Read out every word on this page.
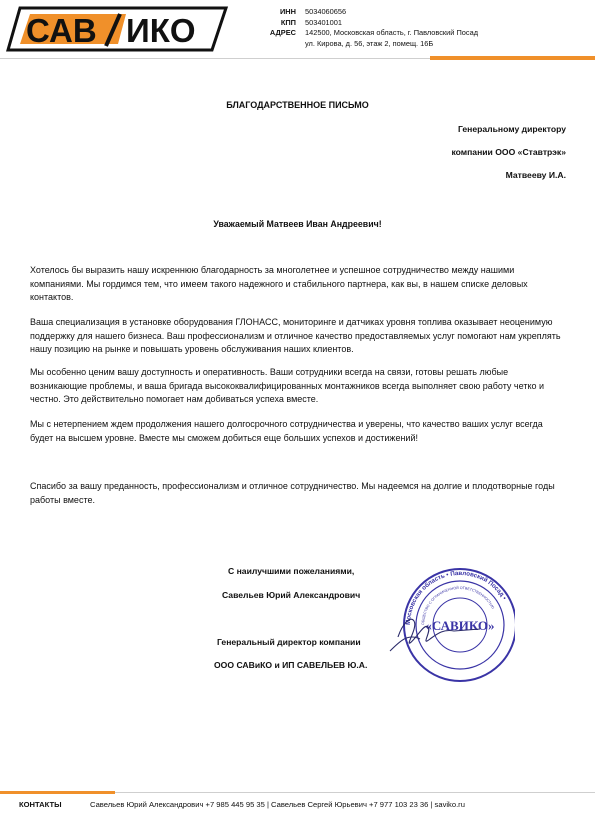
САВ ИКО
ИНН 5034060656
КПП 503401001
АДРЕС 142500, Московская область, г. Павловский Посад
ул. Кирова, д. 56, этаж 2, помещ. 16Б
БЛАГОДАРСТВЕННОЕ ПИСЬМО
Генеральному директору
компании ООО «Ставтрэк»
Матвееву И.А.
Уважаемый Матвеев Иван Андреевич!
Хотелось бы выразить нашу искреннюю благодарность за многолетнее и успешное сотрудничество между нашими компаниями. Мы гордимся тем, что имеем такого надежного и стабильного партнера, как вы, в нашем списке деловых контактов.
Ваша специализация в установке оборудования ГЛОНАСС, мониторинге и датчиках уровня топлива оказывает неоценимую поддержку для нашего бизнеса. Ваш профессионализм и отличное качество предоставляемых услуг помогают нам укреплять нашу позицию на рынке и повышать уровень обслуживания наших клиентов.
Мы особенно ценим вашу доступность и оперативность. Ваши сотрудники всегда на связи, готовы решать любые возникающие проблемы, и ваша бригада высококвалифицированных монтажников всегда выполняет свою работу четко и честно. Это действительно помогает нам добиваться успеха вместе.
Мы с нетерпением ждем продолжения нашего долгосрочного сотрудничества и уверены, что качество ваших услуг всегда будет на высшем уровне. Вместе мы сможем добиться еще больших успехов и достижений!
Спасибо за вашу преданность, профессионализм и отличное сотрудничество. Мы надеемся на долгие и плодотворные годы работы вместе.
С наилучшими пожеланиями,
Савельев Юрий Александрович
Генеральный директор компании
ООО САВиКО и ИП САВЕЛЬЕВ Ю.А.
Московская область • Павловский Посад •
ОБЩЕСТВО С ОГРАНИЧЕННОЙ ОТВЕТСТВЕННОСТЬЮ
«САВИКО»
КОНТАКТЫ	Савельев Юрий Александрович +7 985 445 95 35 | Савельев Сергей Юрьевич +7 977 103 23 36 | saviko.ru
